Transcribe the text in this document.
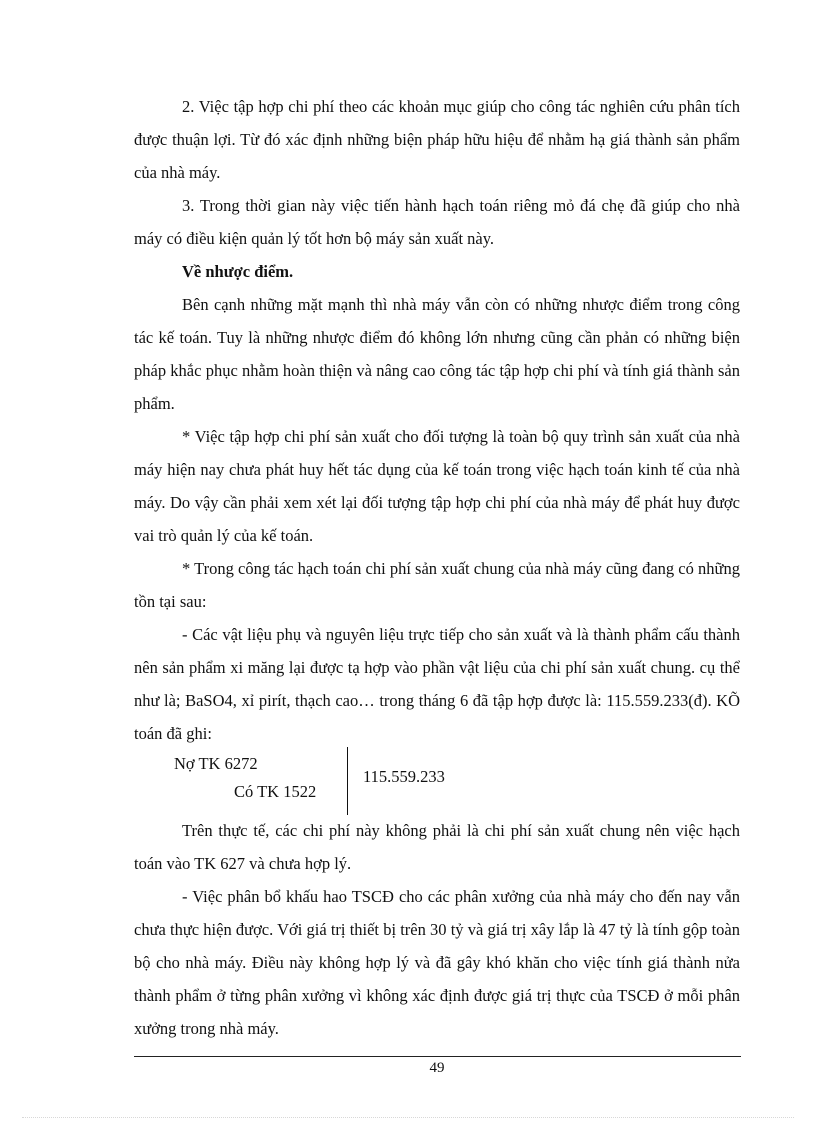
2. Việc tập hợp chi phí theo các khoản mục giúp cho công tác nghiên cứu phân tích được thuận lợi. Từ đó xác định những biện pháp hữu hiệu để nhằm hạ giá thành sản phẩm của nhà máy.

3. Trong thời gian này việc tiến hành hạch toán riêng mỏ đá chẹ đã giúp cho nhà máy có điều kiện quản lý tốt hơn bộ máy sản xuất này.

Về nhược điểm.

Bên cạnh những mặt mạnh thì nhà máy vẫn còn có những nhược điểm trong công tác kế toán. Tuy là những nhược điểm đó không lớn nhưng cũng cần phản có những biện pháp khắc phục nhằm hoàn thiện và nâng cao công tác tập hợp chi phí và tính giá thành sản phẩm.

* Việc tập hợp chi phí sản xuất cho đối tượng là toàn bộ quy trình sản xuất của nhà máy hiện nay chưa phát huy hết tác dụng của kế toán trong việc hạch toán kinh tế của nhà máy. Do vậy cần phải xem xét lại đối tượng tập hợp chi phí của nhà máy để phát huy được vai trò quản lý của kế toán.

* Trong công tác hạch toán chi phí sản xuất chung của nhà máy cũng đang có những tồn tại sau:

- Các vật liệu phụ và nguyên liệu trực tiếp cho sản xuất và là thành phẩm cấu thành nên sản phẩm xi măng lại được tạ hợp vào phần vật liệu của chi phí sản xuất chung. cụ thể như là; BaSO4, xỉ pirít, thạch cao… trong tháng 6 đã tập hợp được là: 115.559.233(đ). KÕ toán đã ghi:

Nợ TK 6272
Có TK 1522
115.559.233

Trên thực tế, các chi phí này không phải là chi phí sản xuất chung nên việc hạch toán vào TK 627 và chưa hợp lý.

- Việc phân bổ khấu hao TSCĐ cho các phân xưởng của nhà máy cho đến nay vẫn chưa thực hiện được. Với giá trị thiết bị trên 30 tỷ và giá trị xây lắp là 47 tỷ là tính gộp toàn bộ cho nhà máy. Điều này không hợp lý và đã gây khó khăn cho việc tính giá thành nửa thành phẩm ở từng phân xưởng vì không xác định được giá trị thực của TSCĐ ở mỗi phân xưởng trong nhà máy.

49
